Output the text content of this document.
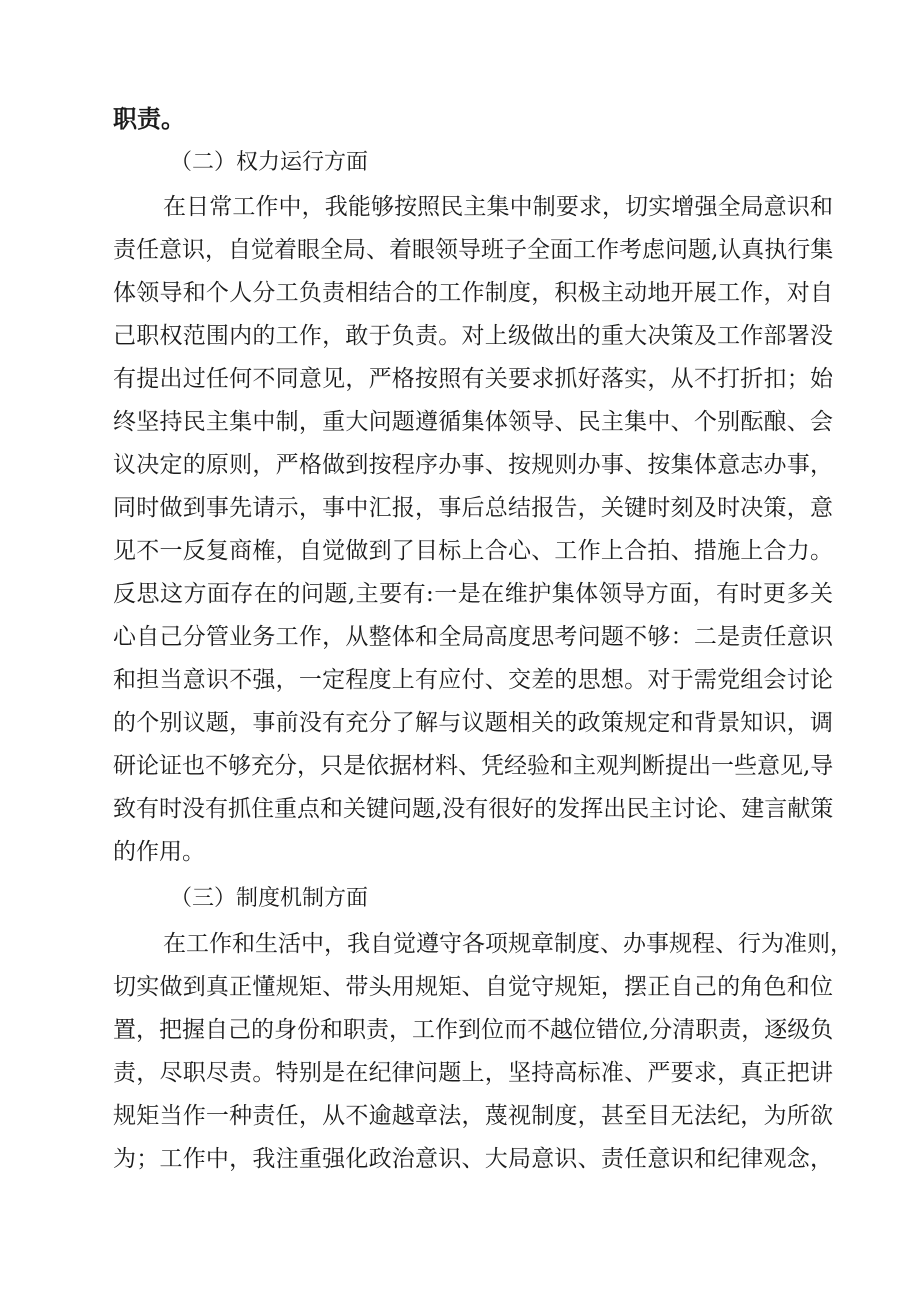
职责。
（二）权力运行方面
在日常工作中，我能够按照民主集中制要求，切实增强全局意识和
责任意识，自觉着眼全局、着眼领导班子全面工作考虑问题,认真执行集
体领导和个人分工负责相结合的工作制度，积极主动地开展工作，对自
己职权范围内的工作，敢于负责。对上级做出的重大决策及工作部署没
有提出过任何不同意见，严格按照有关要求抓好落实，从不打折扣；始
终坚持民主集中制，重大问题遵循集体领导、民主集中、个别酝酿、会
议决定的原则，严格做到按程序办事、按规则办事、按集体意志办事，
同时做到事先请示，事中汇报，事后总结报告，关键时刻及时决策，意
见不一反复商榷，自觉做到了目标上合心、工作上合拍、措施上合力。
反思这方面存在的问题,主要有:一是在维护集体领导方面，有时更多关
心自己分管业务工作，从整体和全局高度思考问题不够：二是责任意识
和担当意识不强，一定程度上有应付、交差的思想。对于需党组会讨论
的个别议题，事前没有充分了解与议题相关的政策规定和背景知识，调
研论证也不够充分，只是依据材料、凭经验和主观判断提出一些意见,导
致有时没有抓住重点和关键问题,没有很好的发挥出民主讨论、建言献策
的作用。
（三）制度机制方面
在工作和生活中，我自觉遵守各项规章制度、办事规程、行为准则，
切实做到真正懂规矩、带头用规矩、自觉守规矩，摆正自己的角色和位
置，把握自己的身份和职责，工作到位而不越位错位,分清职责，逐级负
责，尽职尽责。特别是在纪律问题上，坚持高标准、严要求，真正把讲
规矩当作一种责任，从不逾越章法，蔑视制度，甚至目无法纪，为所欲
为；工作中，我注重强化政治意识、大局意识、责任意识和纪律观念，
